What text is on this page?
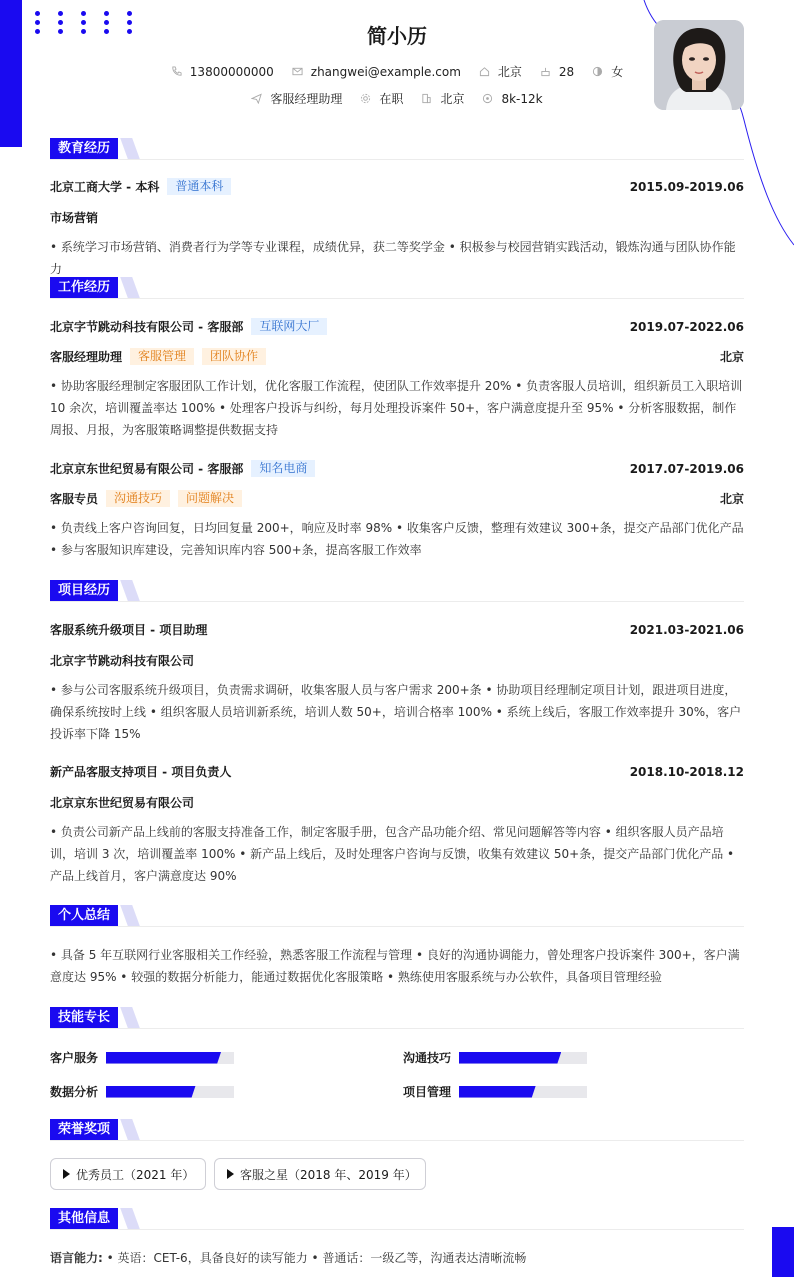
简小历
13800000000	zhangwei@example.com	北京	28	女
客服经理助理	在职	北京	8k-12k
教育经历
北京工商大学 - 本科	普通本科	2015.09-2019.06
市场营销
• 系统学习市场营销、消费者行为学等专业课程，成绩优异，获二等奖学金 • 积极参与校园营销实践活动，锻炼沟通与团队协作能力
工作经历
北京字节跳动科技有限公司 - 客服部	互联网大厂	2019.07-2022.06
客服经理助理	客服管理	团队协作	北京
• 协助客服经理制定客服团队工作计划，优化客服工作流程，使团队工作效率提升 20% • 负责客服人员培训，组织新员工入职培训 10 余次，培训覆盖率达 100% • 处理客户投诉与纠纷，每月处理投诉案件 50+，客户满意度提升至 95% • 分析客服数据，制作周报、月报，为客服策略调整提供数据支持
北京京东世纪贸易有限公司 - 客服部	知名电商	2017.07-2019.06
客服专员	沟通技巧	问题解决	北京
• 负责线上客户咨询回复，日均回复量 200+，响应及时率 98% • 收集客户反馈，整理有效建议 300+条，提交产品部门优化产品 • 参与客服知识库建设，完善知识库内容 500+条，提高客服工作效率
项目经历
客服系统升级项目 - 项目助理	2021.03-2021.06
北京字节跳动科技有限公司
• 参与公司客服系统升级项目，负责需求调研，收集客服人员与客户需求 200+条 • 协助项目经理制定项目计划，跟进项目进度，确保系统按时上线 • 组织客服人员培训新系统，培训人数 50+，培训合格率 100% • 系统上线后，客服工作效率提升 30%，客户投诉率下降 15%
新产品客服支持项目 - 项目负责人	2018.10-2018.12
北京京东世纪贸易有限公司
• 负责公司新产品上线前的客服支持准备工作，制定客服手册，包含产品功能介绍、常见问题解答等内容 • 组织客服人员产品培训，培训 3 次，培训覆盖率 100% • 新产品上线后，及时处理客户咨询与反馈，收集有效建议 50+条，提交产品部门优化产品 • 产品上线首月，客户满意度达 90%
个人总结
• 具备 5 年互联网行业客服相关工作经验，熟悉客服工作流程与管理 • 良好的沟通协调能力，曾处理客户投诉案件 300+，客户满意度达 95% • 较强的数据分析能力，能通过数据优化客服策略 • 熟练使用客服系统与办公软件，具备项目管理经验
技能专长
客户服务	沟通技巧
数据分析	项目管理
荣誉奖项
优秀员工（2021 年）	客服之星（2018 年、2019 年）
其他信息
语言能力: • 英语：CET-6，具备良好的读写能力 • 普通话：一级乙等，沟通表达清晰流畅
